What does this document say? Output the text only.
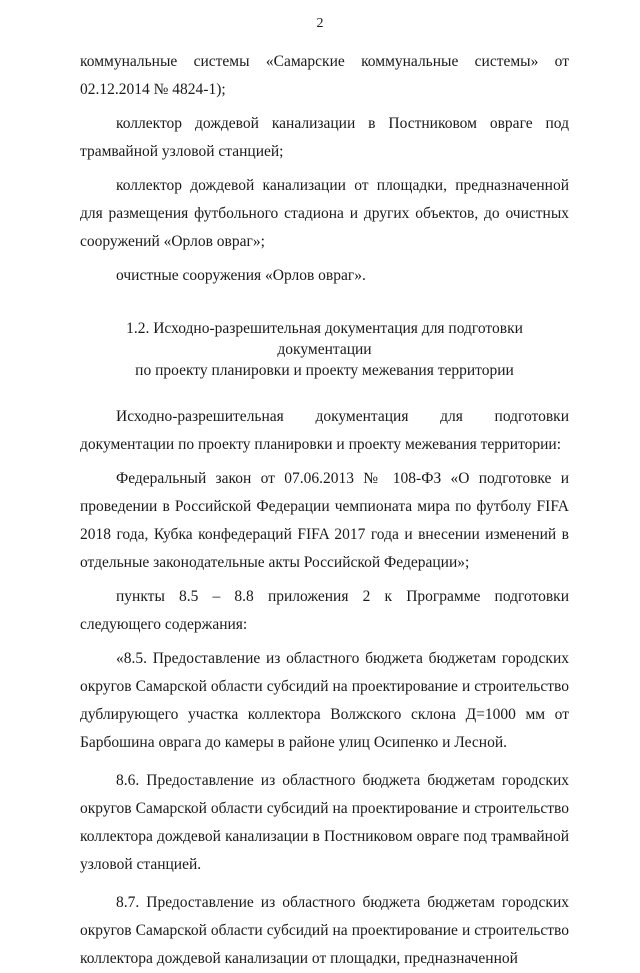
2

коммунальные системы «Самарские коммунальные системы» от 02.12.2014 № 4824-1);

коллектор дождевой канализации в Постниковом овраге под трамвайной узловой станцией;

коллектор дождевой канализации от площадки, предназначенной для размещения футбольного стадиона и других объектов, до очистных сооружений «Орлов овраг»;

очистные сооружения «Орлов овраг».

1.2. Исходно-разрешительная документация для подготовки документации
по проекту планировки и проекту межевания территории

Исходно-разрешительная документация для подготовки документации по проекту планировки и проекту межевания территории:

Федеральный закон от 07.06.2013 № 108-ФЗ «О подготовке и проведении в Российской Федерации чемпионата мира по футболу FIFA 2018 года, Кубка конфедераций FIFA 2017 года и внесении изменений в отдельные законодательные акты Российской Федерации»;

пункты 8.5 – 8.8 приложения 2 к Программе подготовки следующего содержания:

«8.5. Предоставление из областного бюджета бюджетам городских округов Самарской области субсидий на проектирование и строительство дублирующего участка коллектора Волжского склона Д=1000 мм от Барбошина оврага до камеры в районе улиц Осипенко и Лесной.

8.6. Предоставление из областного бюджета бюджетам городских округов Самарской области субсидий на проектирование и строительство коллектора дождевой канализации в Постниковом овраге под трамвайной узловой станцией.

8.7. Предоставление из областного бюджета бюджетам городских округов Самарской области субсидий на проектирование и строительство коллектора дождевой канализации от площадки, предназначенной
